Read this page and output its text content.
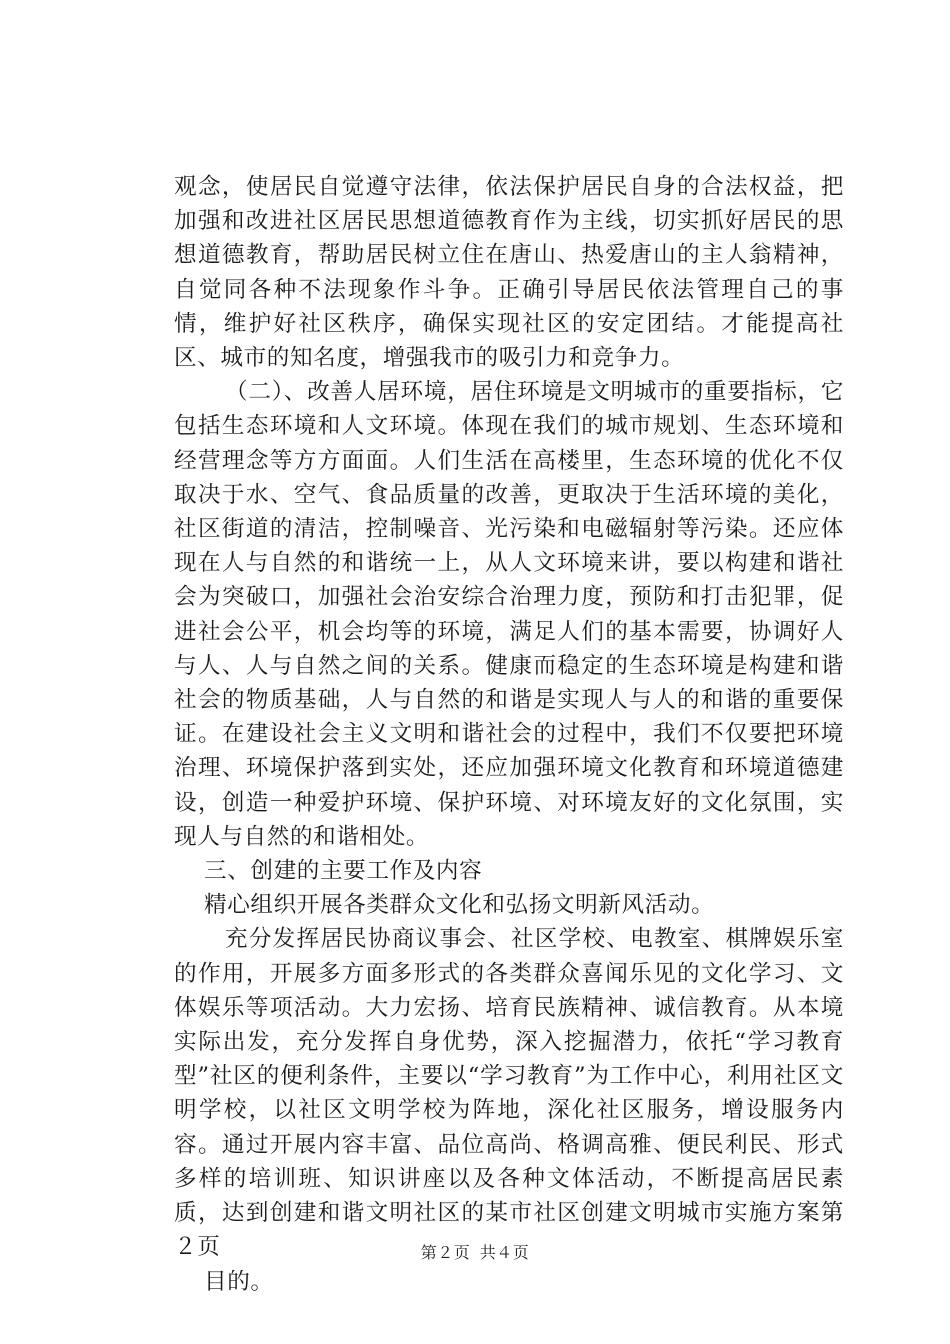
观念，使居民自觉遵守法律，依法保护居民自身的合法权益，把加强和改进社区居民思想道德教育作为主线，切实抓好居民的思想道德教育，帮助居民树立住在唐山、热爱唐山的主人翁精神，自觉同各种不法现象作斗争。正确引导居民依法管理自己的事情，维护好社区秩序，确保实现社区的安定团结。才能提高社区、城市的知名度，增强我市的吸引力和竞争力。

（二）、改善人居环境，居住环境是文明城市的重要指标，它包括生态环境和人文环境。体现在我们的城市规划、生态环境和经营理念等方方面面。人们生活在高楼里，生态环境的优化不仅取决于水、空气、食品质量的改善，更取决于生活环境的美化，社区街道的清洁，控制噪音、光污染和电磁辐射等污染。还应体现在人与自然的和谐统一上，从人文环境来讲，要以构建和谐社会为突破口，加强社会治安综合治理力度，预防和打击犯罪，促进社会公平，机会均等的环境，满足人们的基本需要，协调好人与人、人与自然之间的关系。健康而稳定的生态环境是构建和谐社会的物质基础，人与自然的和谐是实现人与人的和谐的重要保证。在建设社会主义文明和谐社会的过程中，我们不仅要把环境治理、环境保护落到实处，还应加强环境文化教育和环境道德建设，创造一种爱护环境、保护环境、对环境友好的文化氛围，实现人与自然的和谐相处。

三、创建的主要工作及内容

精心组织开展各类群众文化和弘扬文明新风活动。

充分发挥居民协商议事会、社区学校、电教室、棋牌娱乐室的作用，开展多方面多形式的各类群众喜闻乐见的文化学习、文体娱乐等项活动。大力宏扬、培育民族精神、诚信教育。从本境实际出发，充分发挥自身优势，深入挖掘潜力，依托“学习教育型”社区的便利条件，主要以“学习教育”为工作中心，利用社区文明学校，以社区文明学校为阵地，深化社区服务，增设服务内容。通过开展内容丰富、品位高尚、格调高雅、便民利民、形式多样的培训班、知识讲座以及各种文体活动，不断提高居民素质，达到创建和谐文明社区的某市社区创建文明城市实施方案第２页

目的。

第２页 共４页
